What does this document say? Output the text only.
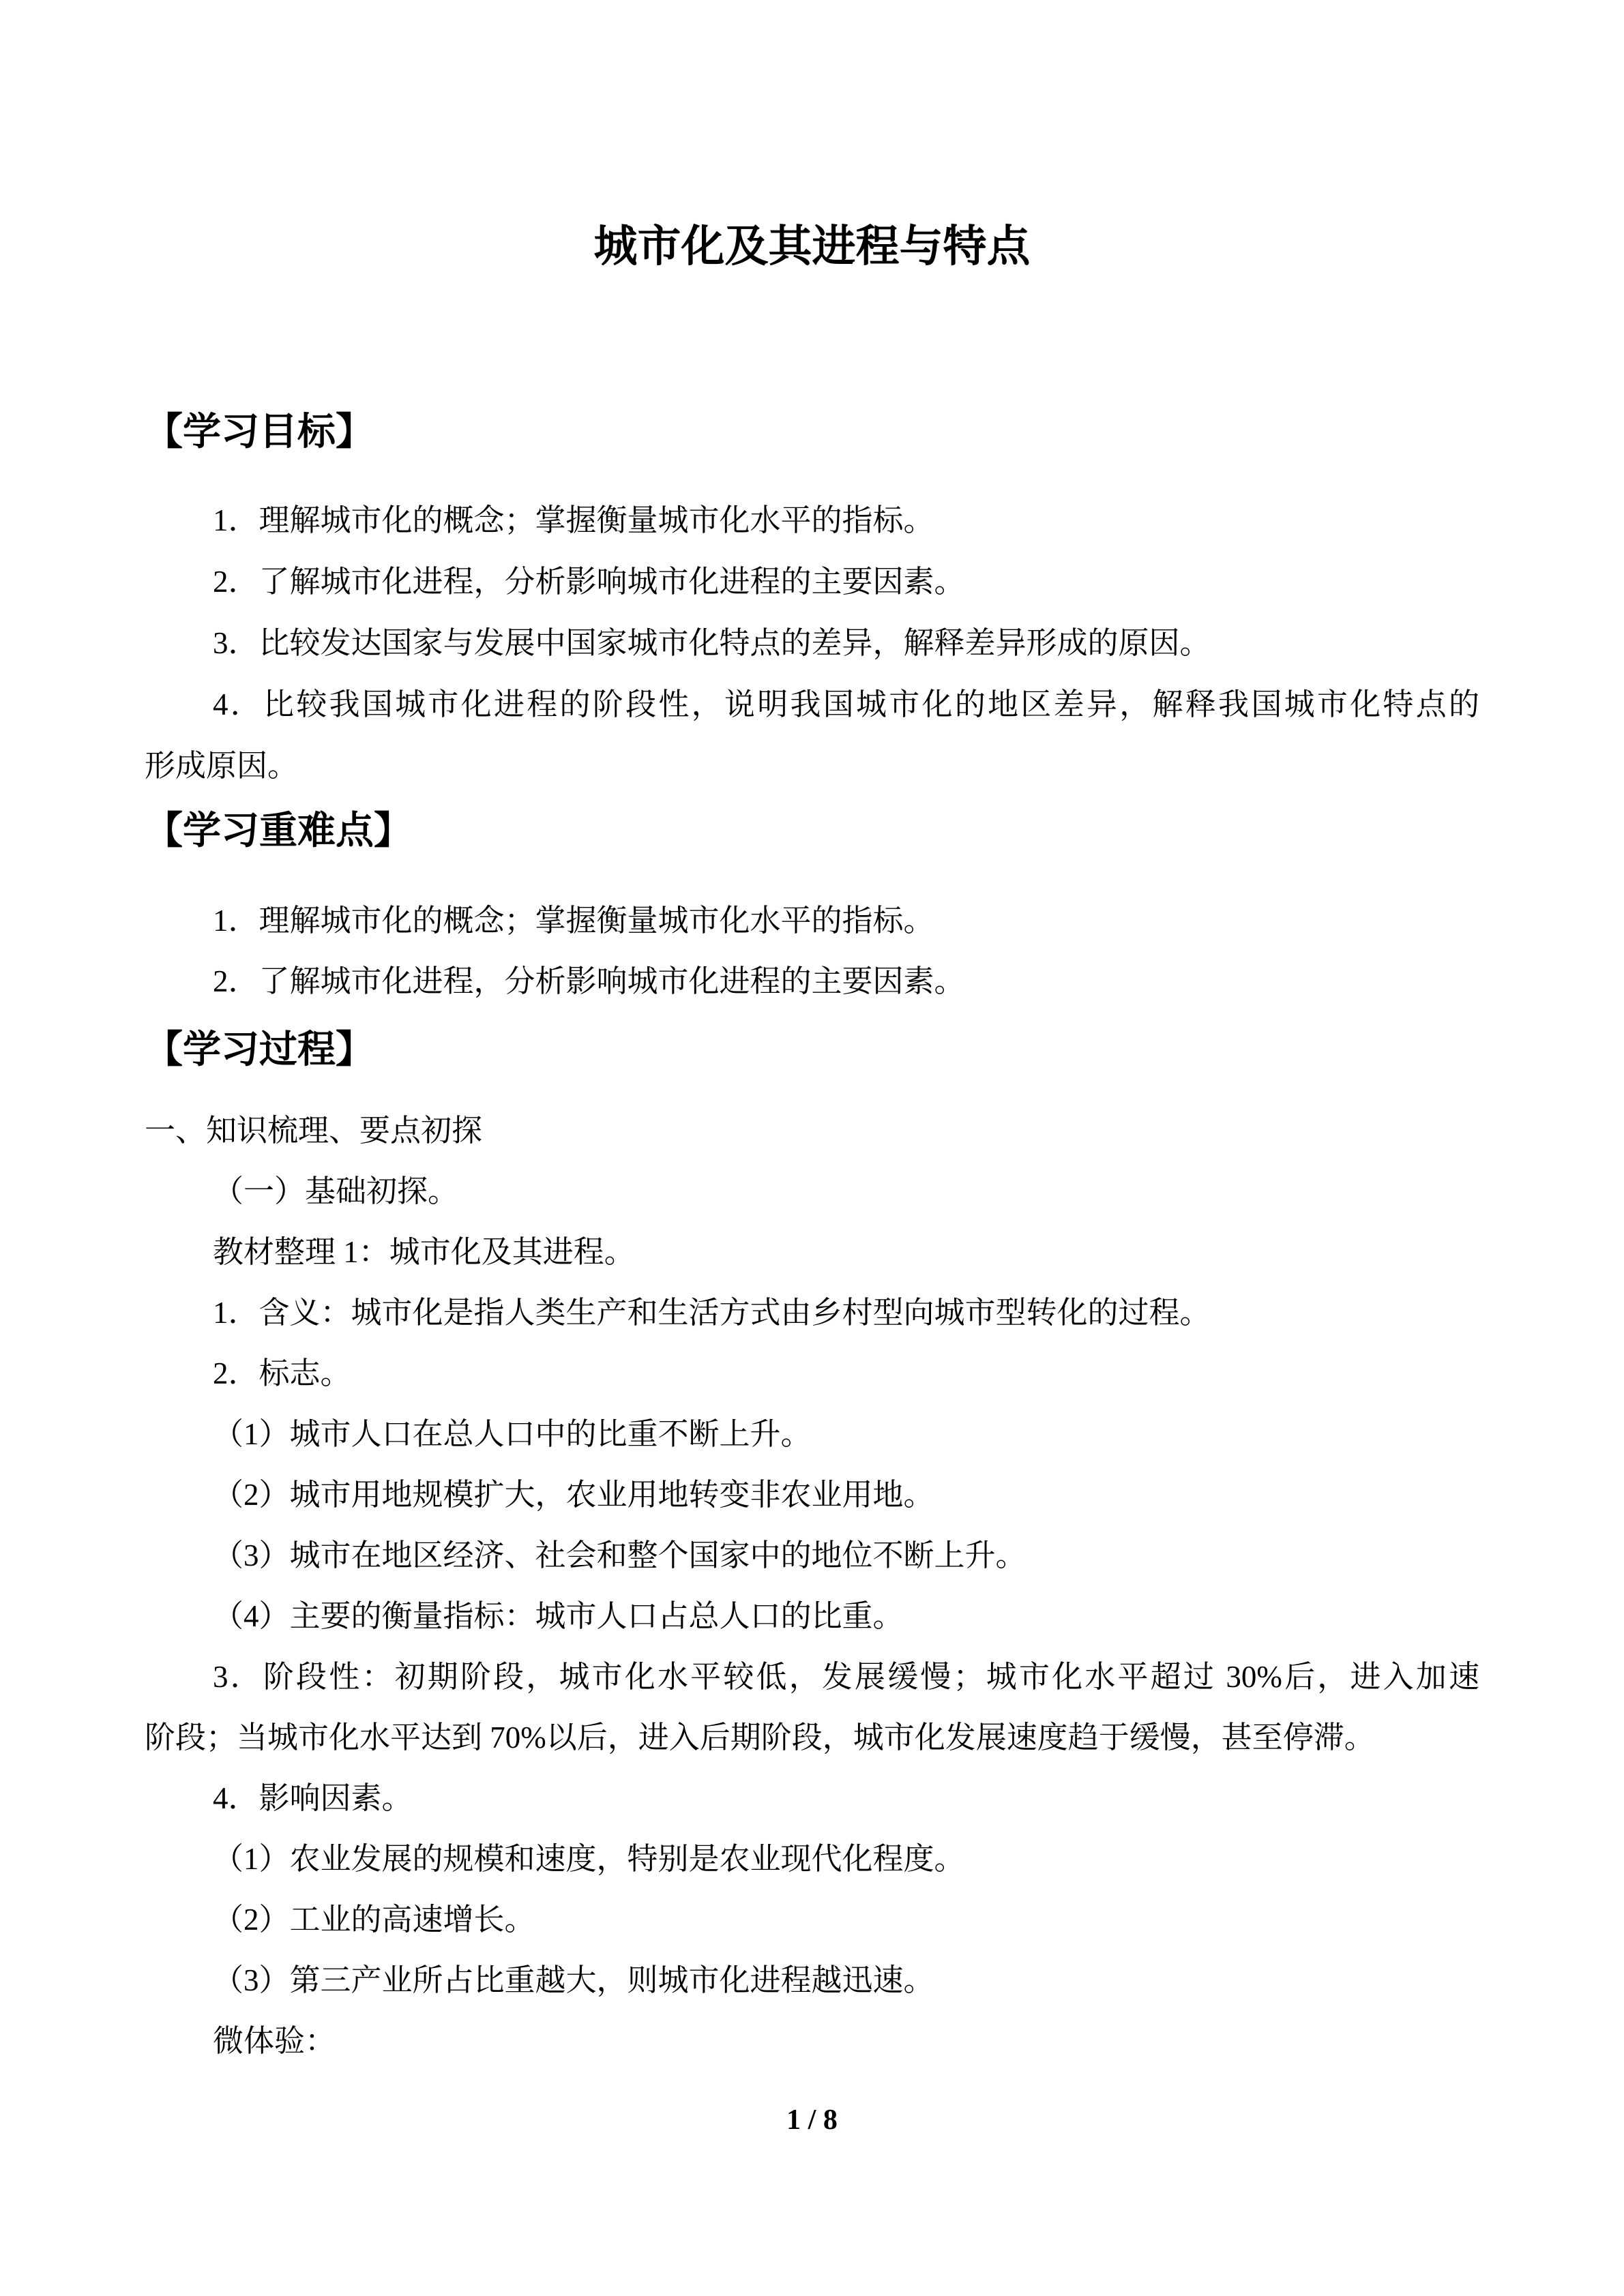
城市化及其进程与特点
【学习目标】
1．理解城市化的概念；掌握衡量城市化水平的指标。
2．了解城市化进程，分析影响城市化进程的主要因素。
3．比较发达国家与发展中国家城市化特点的差异，解释差异形成的原因。
4．比较我国城市化进程的阶段性，说明我国城市化的地区差异，解释我国城市化特点的
形成原因。
【学习重难点】
1．理解城市化的概念；掌握衡量城市化水平的指标。
2．了解城市化进程，分析影响城市化进程的主要因素。
【学习过程】
一、知识梳理、要点初探
（一）基础初探。
教材整理 1：城市化及其进程。
1．含义：城市化是指人类生产和生活方式由乡村型向城市型转化的过程。
2．标志。
（1）城市人口在总人口中的比重不断上升。
（2）城市用地规模扩大，农业用地转变非农业用地。
（3）城市在地区经济、社会和整个国家中的地位不断上升。
（4）主要的衡量指标：城市人口占总人口的比重。
3．阶段性：初期阶段，城市化水平较低，发展缓慢；城市化水平超过 30%后，进入加速
阶段；当城市化水平达到 70%以后，进入后期阶段，城市化发展速度趋于缓慢，甚至停滞。
4．影响因素。
（1）农业发展的规模和速度，特别是农业现代化程度。
（2）工业的高速增长。
（3）第三产业所占比重越大，则城市化进程越迅速。
微体验：
1 / 8
